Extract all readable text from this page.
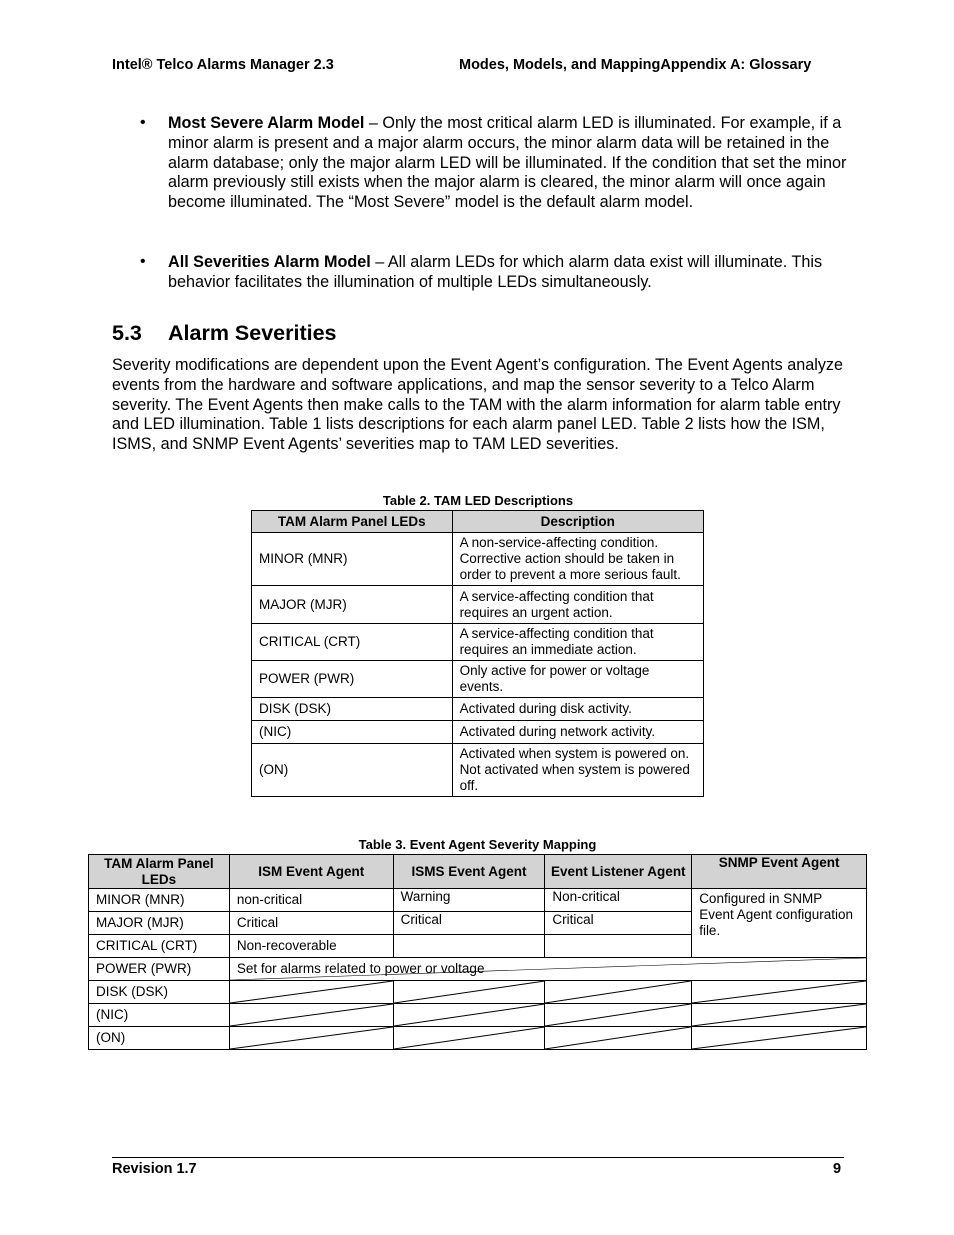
Intel® Telco Alarms Manager 2.3	Modes, Models, and MappingAppendix A: Glossary
• Most Severe Alarm Model – Only the most critical alarm LED is illuminated. For example, if a minor alarm is present and a major alarm occurs, the minor alarm data will be retained in the alarm database; only the major alarm LED will be illuminated. If the condition that set the minor alarm previously still exists when the major alarm is cleared, the minor alarm will once again become illuminated. The “Most Severe” model is the default alarm model.
• All Severities Alarm Model – All alarm LEDs for which alarm data exist will illuminate. This behavior facilitates the illumination of multiple LEDs simultaneously.
5.3 Alarm Severities
Severity modifications are dependent upon the Event Agent’s configuration. The Event Agents analyze events from the hardware and software applications, and map the sensor severity to a Telco Alarm severity. The Event Agents then make calls to the TAM with the alarm information for alarm table entry and LED illumination. Table 1 lists descriptions for each alarm panel LED. Table 2 lists how the ISM, ISMS, and SNMP Event Agents’ severities map to TAM LED severities.
Table 2. TAM LED Descriptions
TAM Alarm Panel LEDs	Description
MINOR (MNR)	A non-service-affecting condition. Corrective action should be taken in order to prevent a more serious fault.
MAJOR (MJR)	A service-affecting condition that requires an urgent action.
CRITICAL (CRT)	A service-affecting condition that requires an immediate action.
POWER (PWR)	Only active for power or voltage events.
DISK (DSK)	Activated during disk activity.
(NIC)	Activated during network activity.
(ON)	Activated when system is powered on. Not activated when system is powered off.
Table 3. Event Agent Severity Mapping
TAM Alarm Panel LEDs	ISM Event Agent	ISMS Event Agent	Event Listener Agent	SNMP Event Agent
MINOR (MNR)	non-critical	Warning	Non-critical	Configured in SNMP Event Agent configuration file.
MAJOR (MJR)	Critical	Critical	Critical	
CRITICAL (CRT)	Non-recoverable			
POWER (PWR)	Set for alarms related to power or voltage			

DISK (DSK)	

(NIC)	

(ON)	

Revision 1.7	9
